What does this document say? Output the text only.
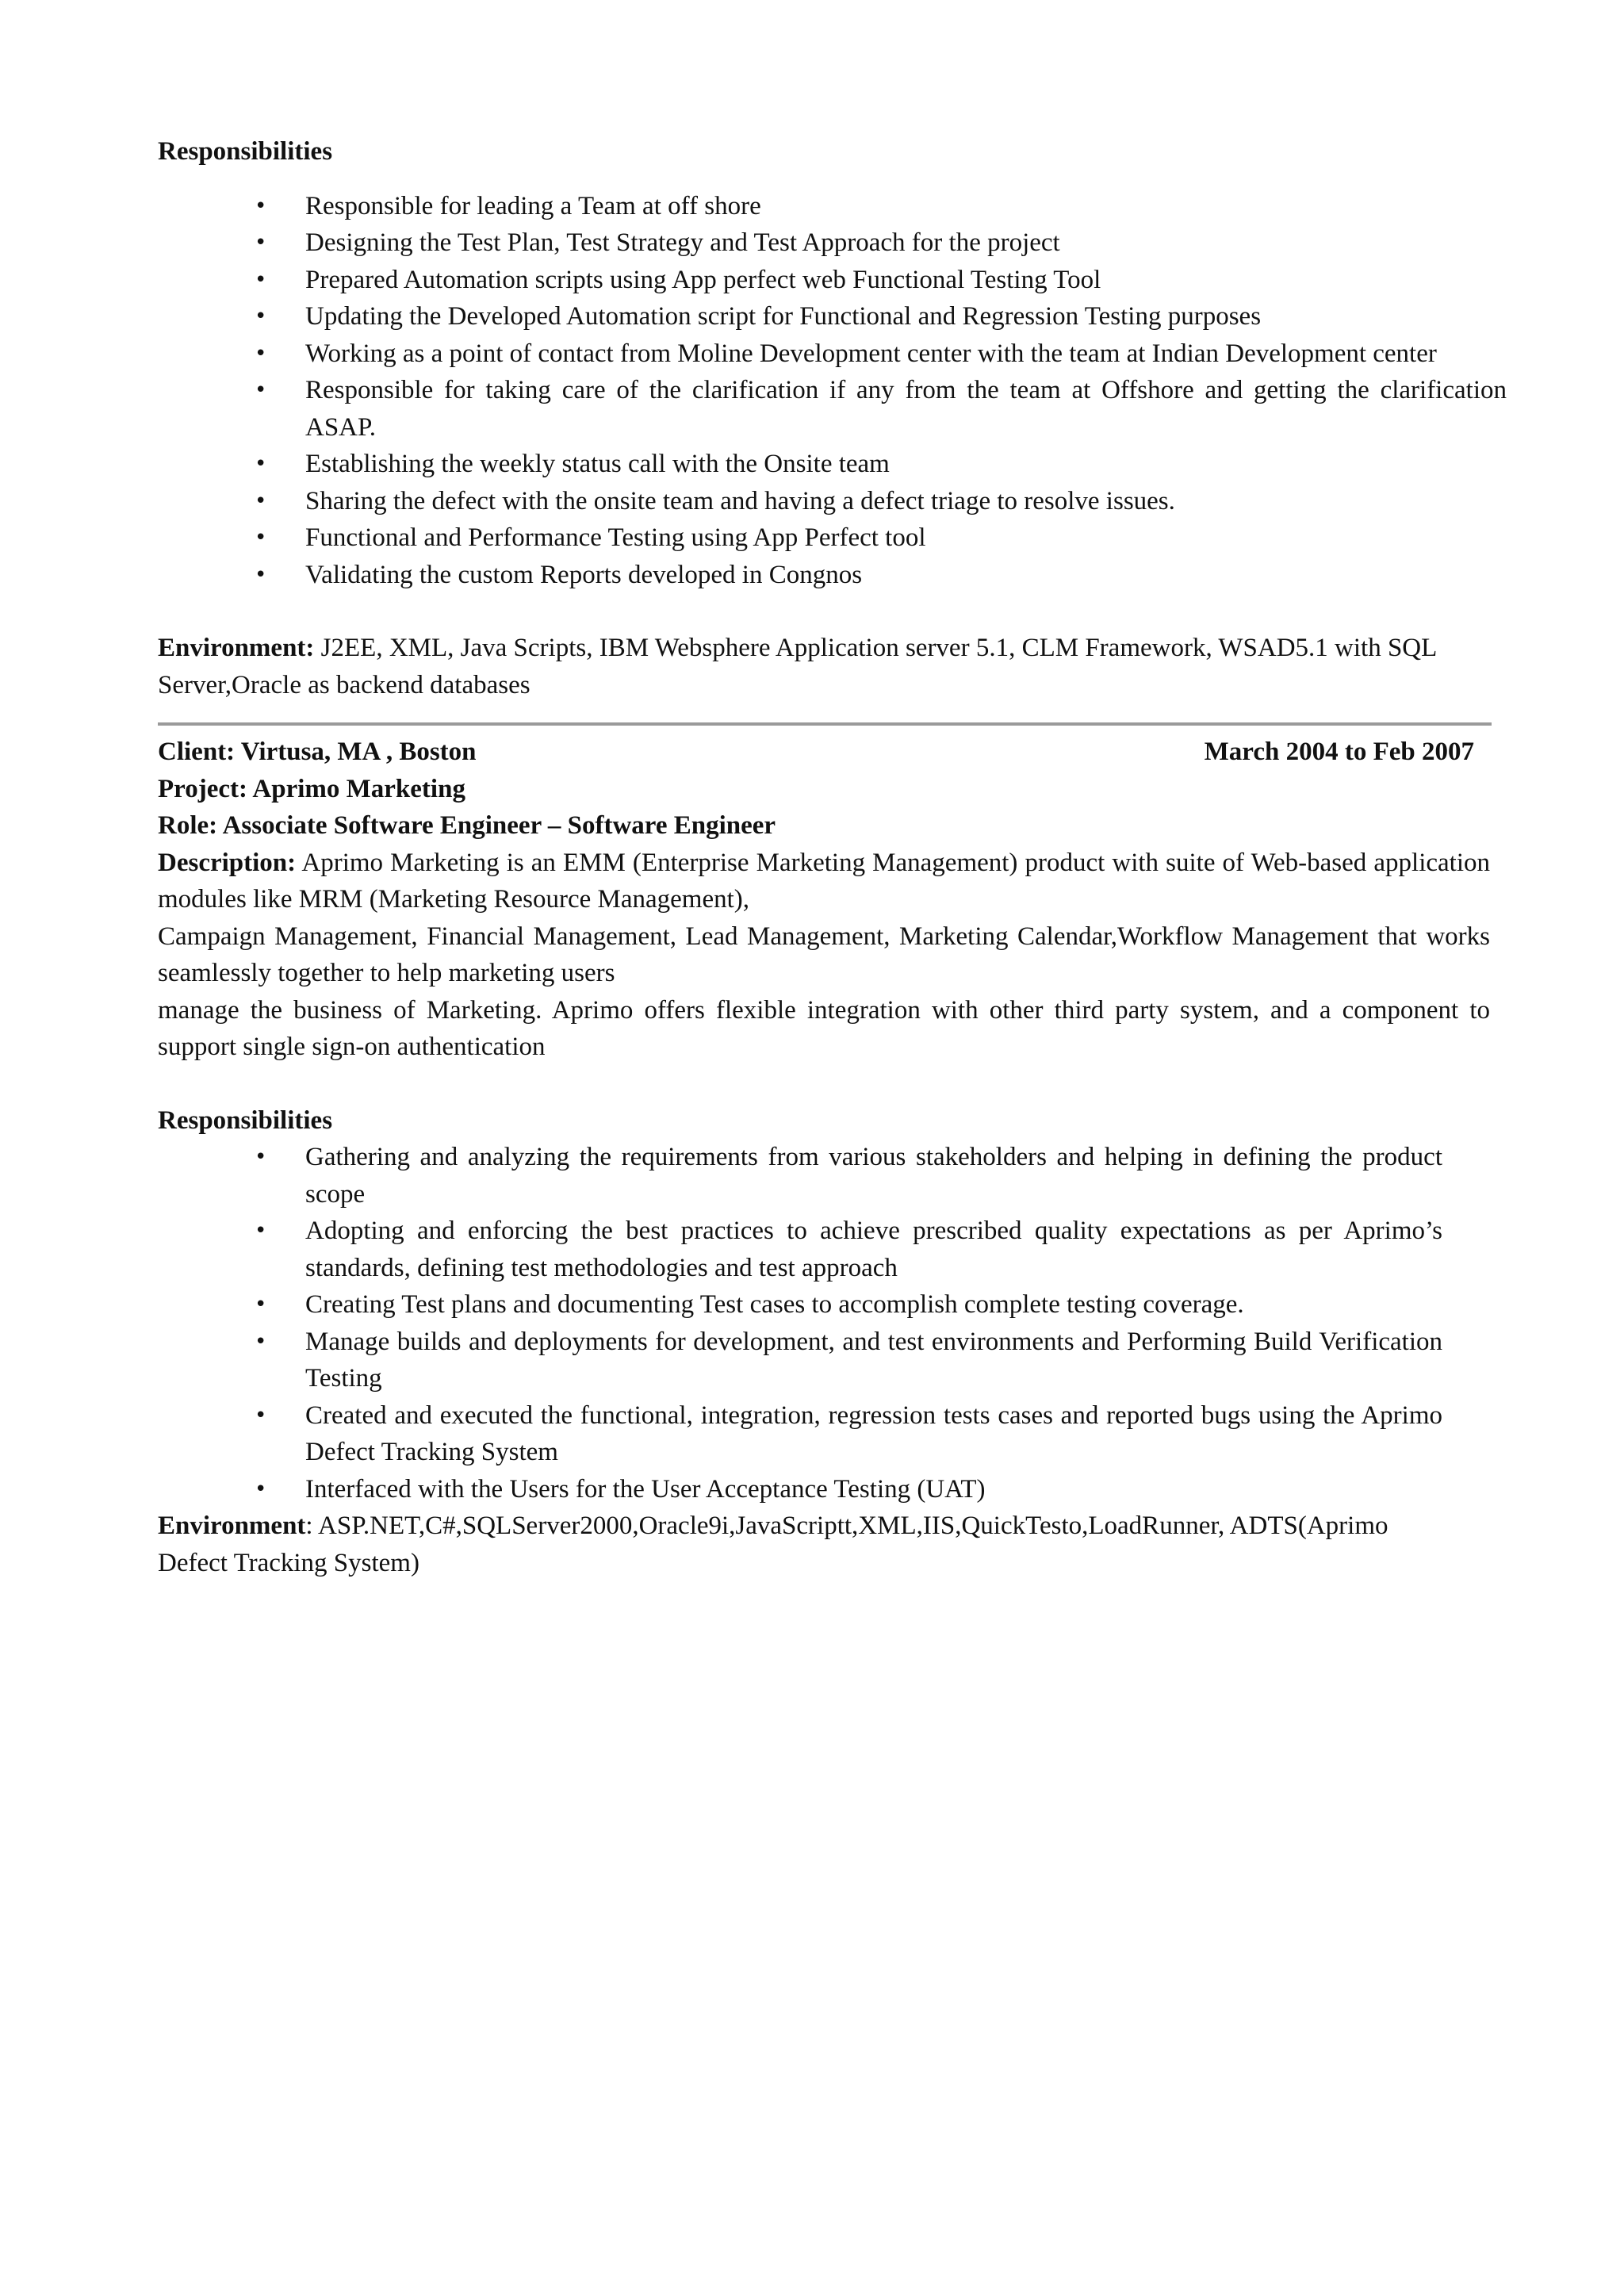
Responsibilities
• Responsible for leading a Team at off shore
• Designing the Test Plan, Test Strategy and Test Approach for the project
• Prepared Automation scripts using App perfect web Functional Testing Tool
• Updating the Developed Automation script for Functional and Regression Testing purposes
• Working as a point of contact from Moline Development center with the team at Indian Development center
• Responsible for taking care of the clarification if any from the team at Offshore and getting the clarification ASAP.
• Establishing the weekly status call with the Onsite team
• Sharing the defect with the onsite team and having a defect triage to resolve issues.
• Functional and Performance Testing using App Perfect tool
• Validating the custom Reports developed in Congnos
Environment: J2EE, XML, Java Scripts, IBM Websphere Application server 5.1, CLM Framework, WSAD5.1 with SQL Server,Oracle as backend databases
Client: Virtusa, MA , Boston	March 2004 to Feb 2007
Project: Aprimo Marketing
Role: Associate Software Engineer – Software Engineer
Description: Aprimo Marketing is an EMM (Enterprise Marketing Management) product with suite of Web-based application modules like MRM (Marketing Resource Management),
Campaign Management, Financial Management, Lead Management, Marketing Calendar,Workflow Management that works seamlessly together to help marketing users
manage the business of Marketing. Aprimo offers flexible integration with other third party system, and a component to support single sign-on authentication
Responsibilities
• Gathering and analyzing the requirements from various stakeholders and helping in defining the product scope
• Adopting and enforcing the best practices to achieve prescribed quality expectations as per Aprimo’s standards, defining test methodologies and test approach
• Creating Test plans and documenting Test cases to accomplish complete testing coverage.
• Manage builds and deployments for development, and test environments and Performing Build Verification Testing
• Created and executed the functional, integration, regression tests cases and reported bugs using the Aprimo Defect Tracking System
• Interfaced with the Users for the User Acceptance Testing (UAT)
Environment: ASP.NET,C#,SQLServer2000,Oracle9i,JavaScriptt,XML,IIS,QuickTesto,LoadRunner, ADTS(Aprimo Defect Tracking System)
